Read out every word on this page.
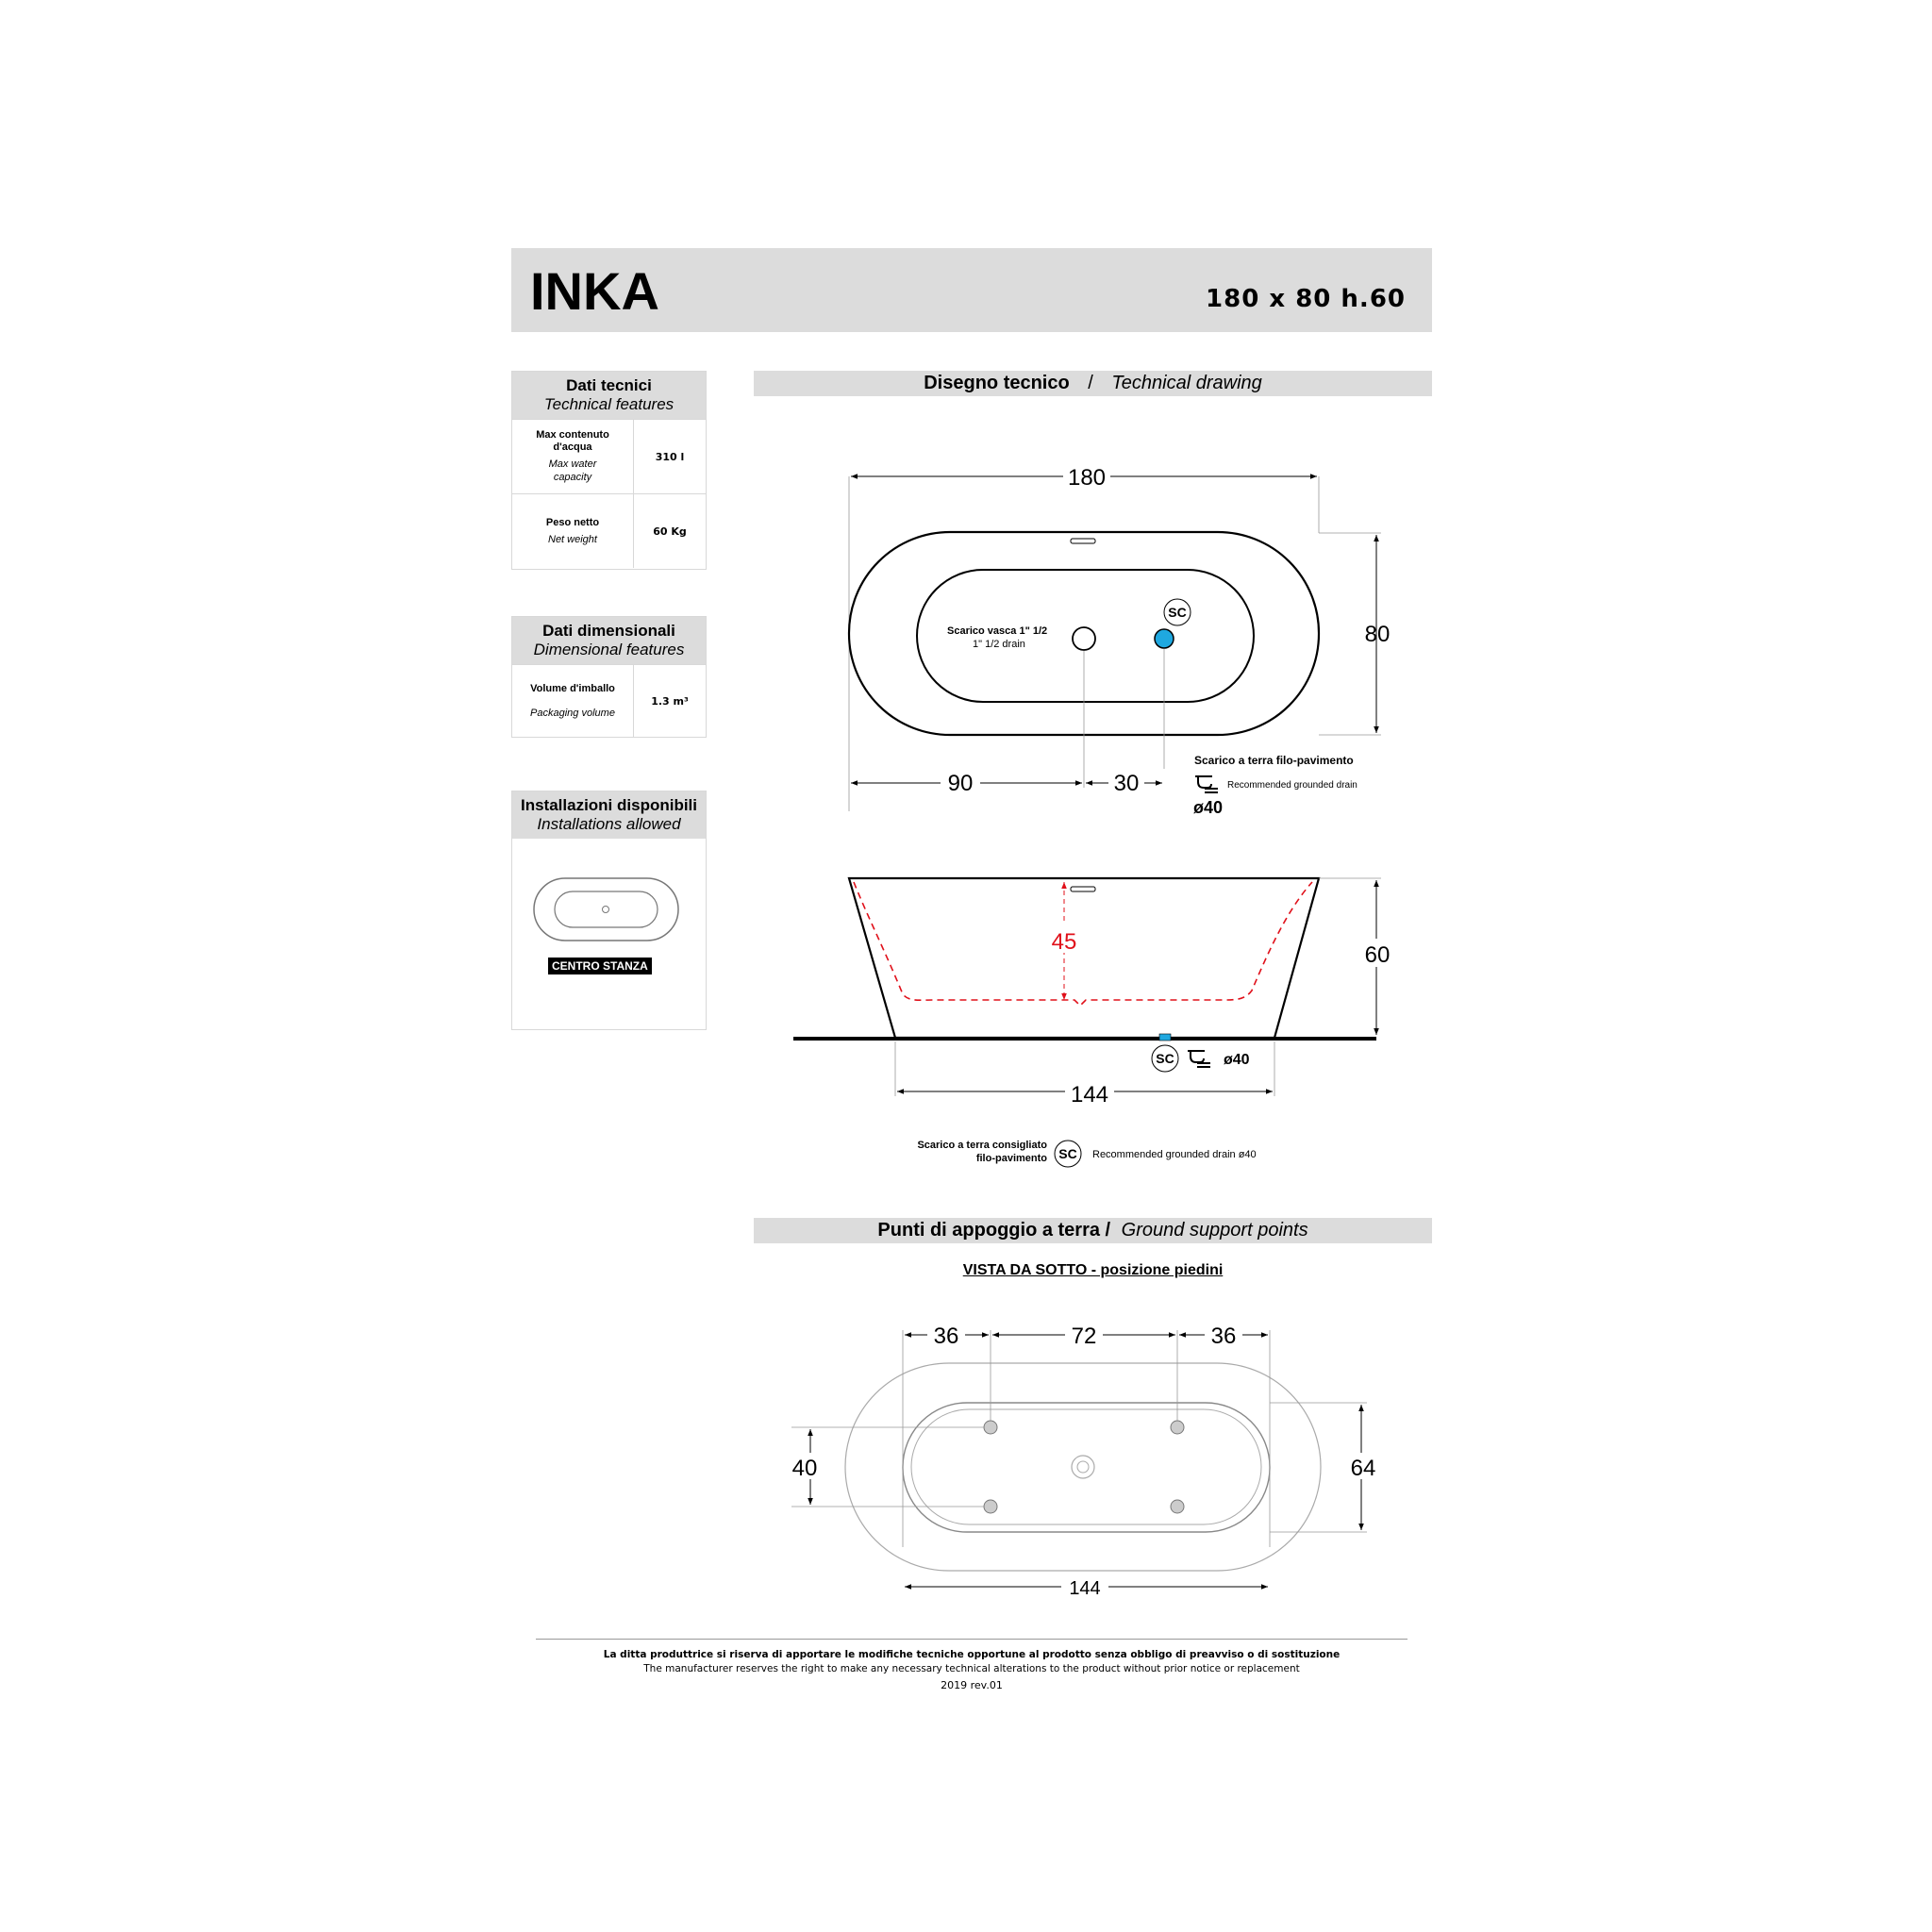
INKA	180 x 80 h.60
Dati tecnici
Technical features
Max contenuto d'acqua
Max water capacity
310 l
Peso netto
Net weight
60 Kg
Dati dimensionali
Dimensional features
Volume d'imballo
Packaging volume
1.3 m³
Installazioni disponibili
Installations allowed
CENTRO STANZA
Disegno tecnico / Technical drawing
180
80
Scarico vasca 1" 1/2
1" 1/2 drain
SC
90	30
Scarico a terra filo-pavimento
Recommended grounded drain
ø40
45
60
SC	ø40
144
Scarico a terra consigliato
filo-pavimento SC Recommended grounded drain ø40
Punti di appoggio a terra / Ground support points
VISTA DA SOTTO - posizione piedini
36	72	36
40	64
144
La ditta produttrice si riserva di apportare le modifiche tecniche opportune al prodotto senza obbligo di preavviso o di sostituzione
The manufacturer reserves the right to make any necessary technical alterations to the product without prior notice or replacement
2019 rev.01
